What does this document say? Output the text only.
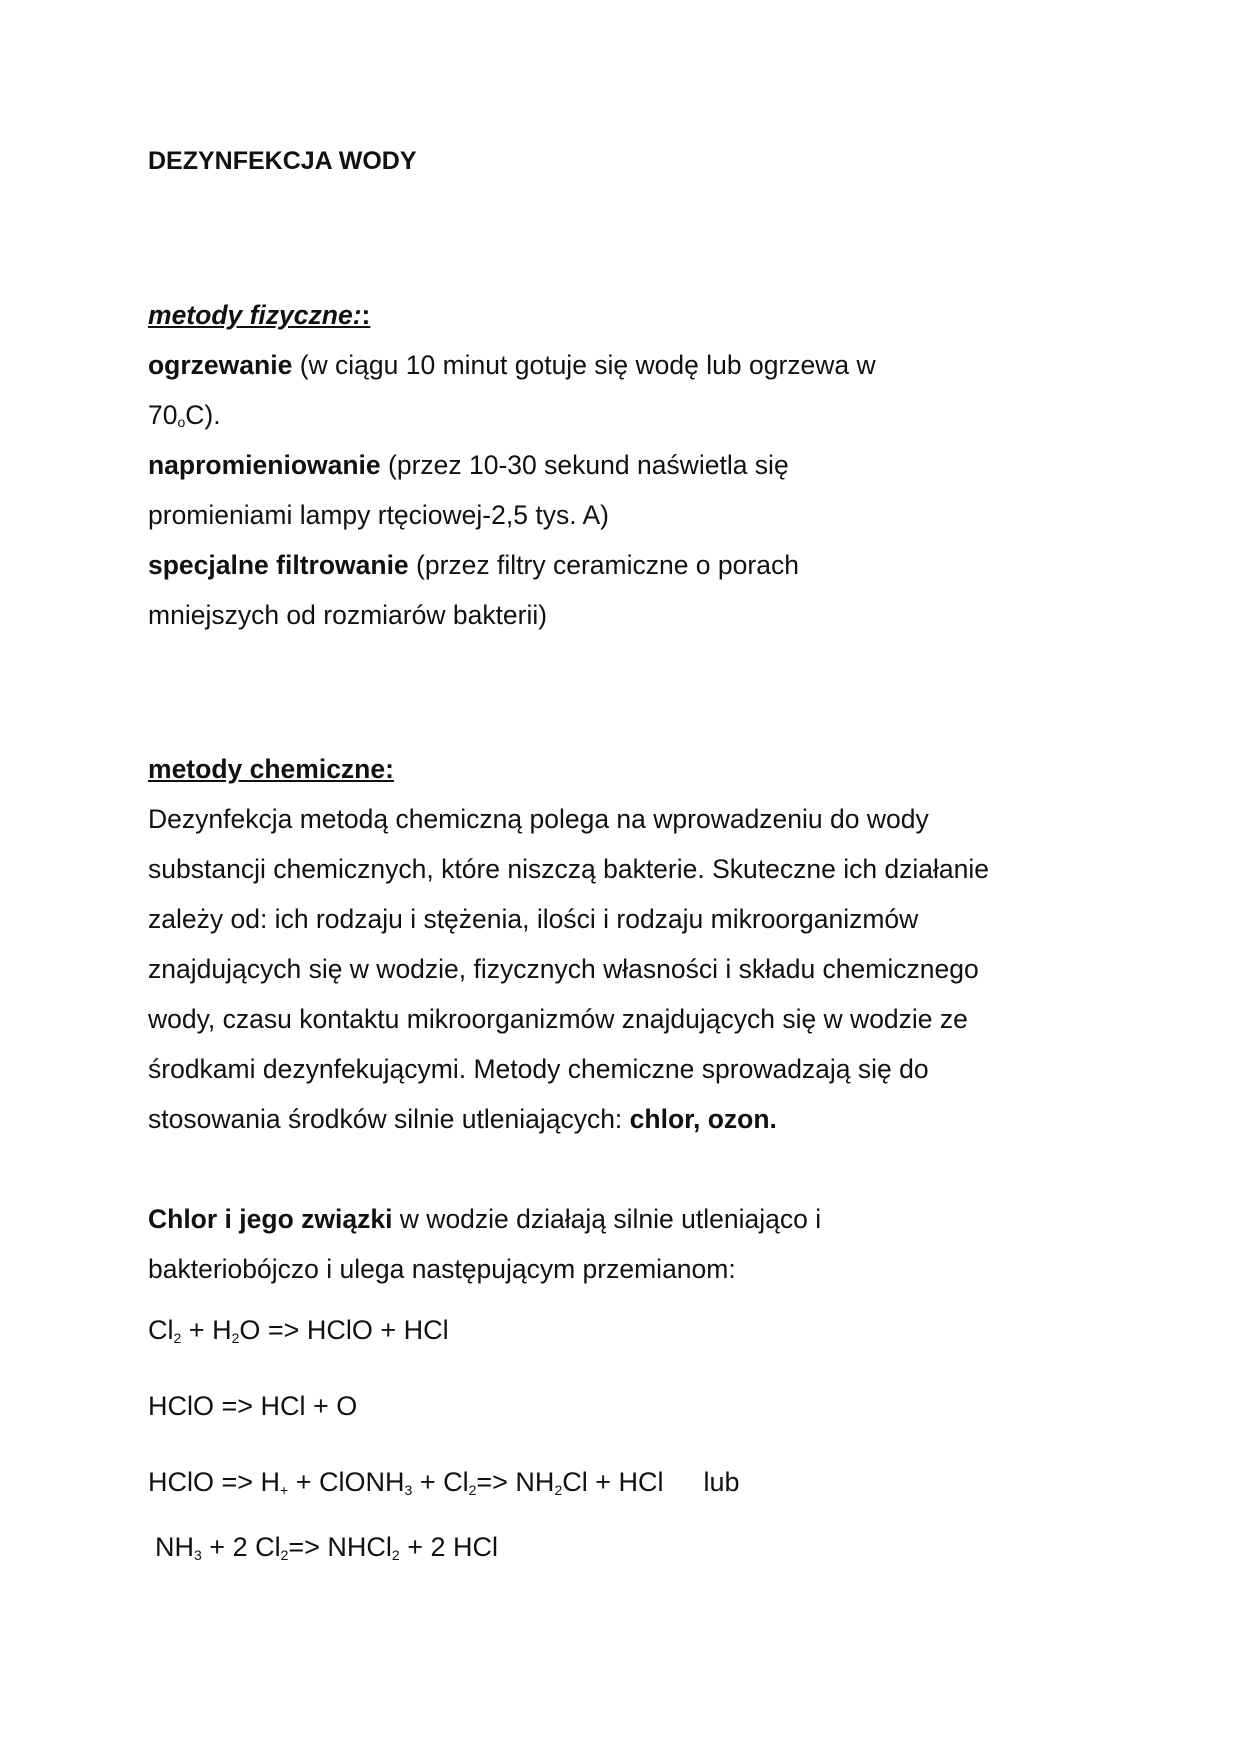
DEZYNFEKCJA WODY
metody fizyczne::
ogrzewanie (w ciągu 10 minut gotuje się wodę lub ogrzewa w
$70_oC$).
napromieniowanie (przez 10-30 sekund naświetla się
promieniami lampy rtęciowej-2,5 tys. A)
specjalne filtrowanie (przez filtry ceramiczne o porach
mniejszych od rozmiarów bakterii)
metody chemiczne:
Dezynfekcja metodą chemiczną polega na wprowadzeniu do wody
substancji chemicznych, które niszczą bakterie. Skuteczne ich działanie
zależy od: ich rodzaju i stężenia, ilości i rodzaju mikroorganizmów
znajdujących się w wodzie, fizycznych własności i składu chemicznego
wody, czasu kontaktu mikroorganizmów znajdujących się w wodzie ze
środkami dezynfekującymi. Metody chemiczne sprowadzają się do
stosowania środków silnie utleniających: chlor, ozon.
Chlor i jego związki w wodzie działają silnie utleniająco i
bakteriobójczo i ulega następującym przemianom:
Cl2 + H2O => HClO + HCl
HClO => HCl + O
HClO => H+ + ClONH3 + Cl2=> NH2Cl + HCl lub
NH3 + 2 Cl2=> NHCl2 + 2 HCl
